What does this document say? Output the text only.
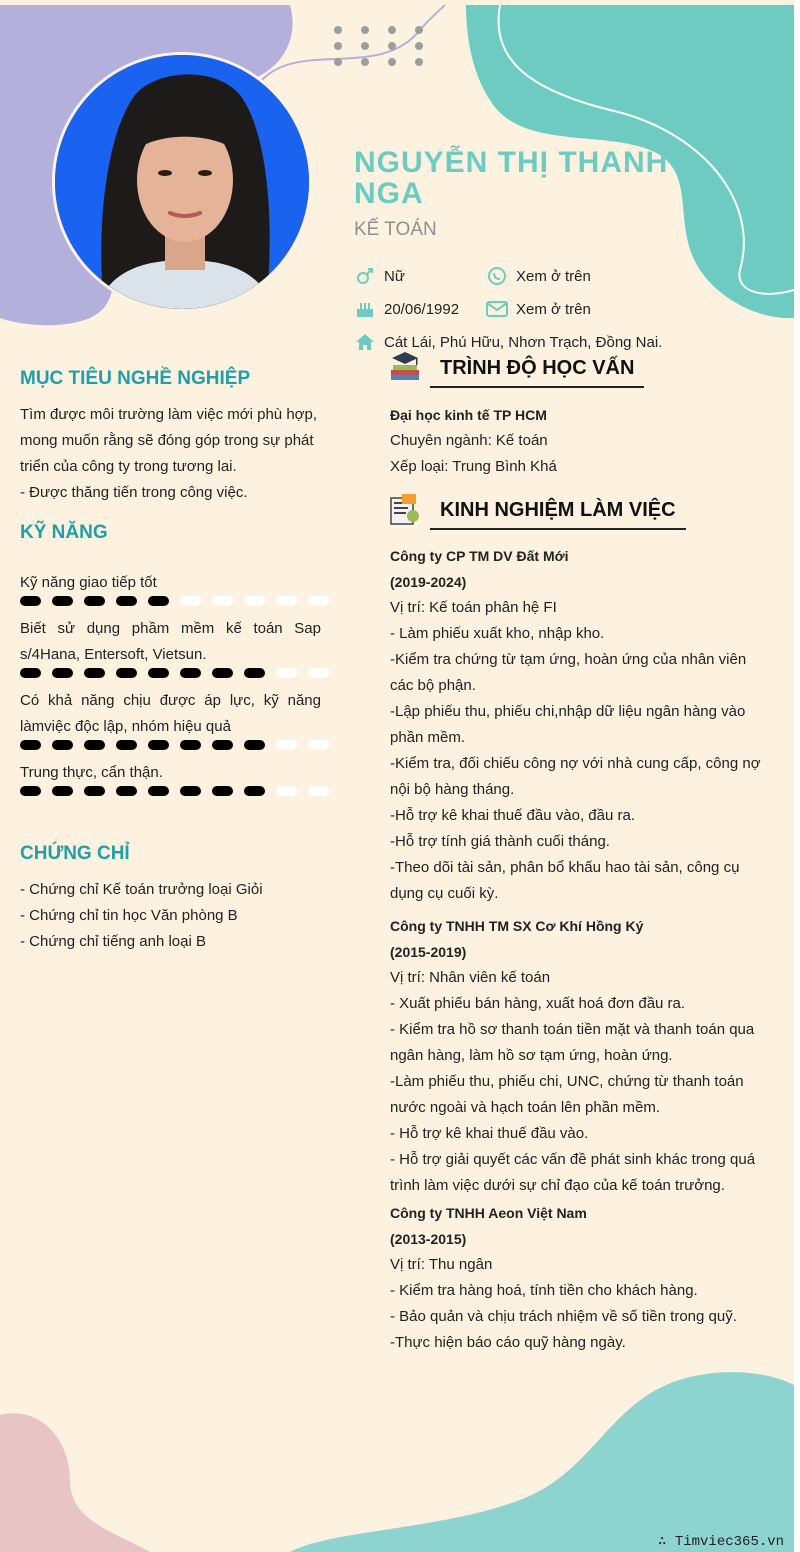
NGUYỄN THỊ THANH NGA
KẾ TOÁN
Nữ	Xem ở trên
20/06/1992	Xem ở trên
Cát Lái, Phú Hữu, Nhơn Trạch, Đồng Nai.
MỤC TIÊU NGHỀ NGHIỆP
Tìm được môi trường làm việc mới phù hợp,
mong muốn rằng sẽ đóng góp trong sự phát
triển của công ty trong tương lai.
- Được thăng tiến trong công việc.
KỸ NĂNG
Kỹ năng giao tiếp tốt
Biết sử dụng phầm mềm kế toán Sap s/4Hana, Entersoft, Vietsun.
Có khả năng chịu được áp lực, kỹ năng làmviệc độc lập, nhóm hiệu quả
Trung thực, cẩn thận.
CHỨNG CHỈ
- Chứng chỉ Kế toán trưởng loại Giỏi
- Chứng chỉ tin học Văn phòng B
- Chứng chỉ tiếng anh loại B
TRÌNH ĐỘ HỌC VẤN
Đại học kinh tế TP HCM
Chuyên ngành: Kế toán
Xếp loại: Trung Bình Khá
KINH NGHIỆM LÀM VIỆC
Công ty CP TM DV Đất Mới
(2019-2024)
Vị trí: Kế toán phân hệ FI
- Làm phiếu xuất kho, nhập kho.
-Kiểm tra chứng từ tạm ứng, hoàn ứng của nhân viên
các bộ phận.
-Lập phiếu thu, phiếu chi,nhập dữ liệu ngân hàng vào
phần mềm.
-Kiểm tra, đối chiếu công nợ với nhà cung cấp, công nợ
nội bộ hàng tháng.
-Hỗ trợ kê khai thuế đầu vào, đầu ra.
-Hỗ trợ tính giá thành cuối tháng.
-Theo dõi tài sản, phân bổ khấu hao tài sản, công cụ
dụng cụ cuối kỳ.
Công ty TNHH TM SX Cơ Khí Hồng Ký
(2015-2019)
Vị trí: Nhân viên kế toán
- Xuất phiếu bán hàng, xuất hoá đơn đầu ra.
- Kiểm tra hồ sơ thanh toán tiền mặt và thanh toán qua
ngân hàng, làm hồ sơ tạm ứng, hoàn ứng.
-Làm phiếu thu, phiếu chi, UNC, chứng từ thanh toán
nước ngoài và hạch toán lên phần mềm.
- Hỗ trợ kê khai thuế đầu vào.
- Hỗ trợ giải quyết các vấn đề phát sinh khác trong quá
trình làm việc dưới sự chỉ đạo của kế toán trưởng.
Công ty TNHH Aeon Việt Nam
(2013-2015)
Vị trí: Thu ngân
- Kiểm tra hàng hoá, tính tiền cho khách hàng.
- Bảo quản và chịu trách nhiệm về số tiền trong quỹ.
-Thực hiện báo cáo quỹ hàng ngày.
∴ Timviec365.vn
